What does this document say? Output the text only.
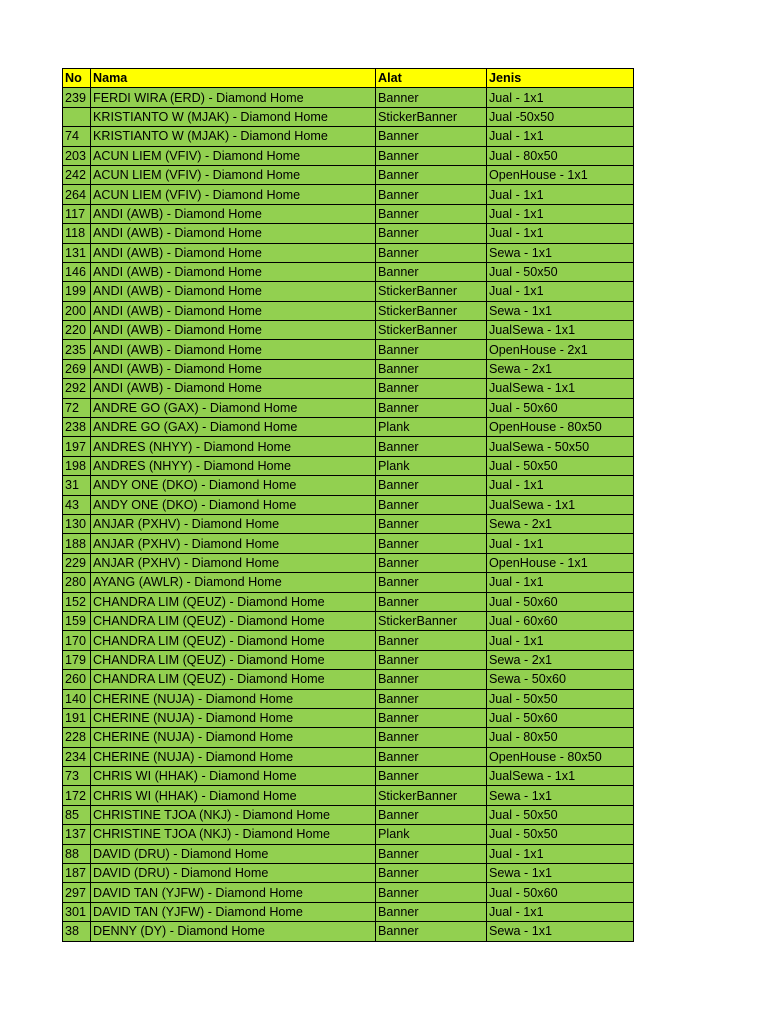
No	Nama	Alat	Jenis
239	FERDI WIRA (ERD) - Diamond Home	Banner	Jual - 1x1
	KRISTIANTO W (MJAK) - Diamond Home	StickerBanner	Jual -50x50
74	KRISTIANTO W (MJAK) - Diamond Home	Banner	Jual - 1x1
203	ACUN LIEM (VFIV) - Diamond Home	Banner	Jual - 80x50
242	ACUN LIEM (VFIV) - Diamond Home	Banner	OpenHouse - 1x1
264	ACUN LIEM (VFIV) - Diamond Home	Banner	Jual - 1x1
117	ANDI (AWB) - Diamond Home	Banner	Jual - 1x1
118	ANDI (AWB) - Diamond Home	Banner	Jual - 1x1
131	ANDI (AWB) - Diamond Home	Banner	Sewa - 1x1
146	ANDI (AWB) - Diamond Home	Banner	Jual - 50x50
199	ANDI (AWB) - Diamond Home	StickerBanner	Jual - 1x1
200	ANDI (AWB) - Diamond Home	StickerBanner	Sewa - 1x1
220	ANDI (AWB) - Diamond Home	StickerBanner	JualSewa - 1x1
235	ANDI (AWB) - Diamond Home	Banner	OpenHouse - 2x1
269	ANDI (AWB) - Diamond Home	Banner	Sewa - 2x1
292	ANDI (AWB) - Diamond Home	Banner	JualSewa - 1x1
72	ANDRE GO (GAX) - Diamond Home	Banner	Jual - 50x60
238	ANDRE GO (GAX) - Diamond Home	Plank	OpenHouse - 80x50
197	ANDRES (NHYY) - Diamond Home	Banner	JualSewa - 50x50
198	ANDRES (NHYY) - Diamond Home	Plank	Jual - 50x50
31	ANDY ONE (DKO) - Diamond Home	Banner	Jual - 1x1
43	ANDY ONE (DKO) - Diamond Home	Banner	JualSewa - 1x1
130	ANJAR (PXHV) - Diamond Home	Banner	Sewa - 2x1
188	ANJAR (PXHV) - Diamond Home	Banner	Jual - 1x1
229	ANJAR (PXHV) - Diamond Home	Banner	OpenHouse - 1x1
280	AYANG (AWLR) - Diamond Home	Banner	Jual - 1x1
152	CHANDRA LIM (QEUZ) - Diamond Home	Banner	Jual - 50x60
159	CHANDRA LIM (QEUZ) - Diamond Home	StickerBanner	Jual - 60x60
170	CHANDRA LIM (QEUZ) - Diamond Home	Banner	Jual - 1x1
179	CHANDRA LIM (QEUZ) - Diamond Home	Banner	Sewa - 2x1
260	CHANDRA LIM (QEUZ) - Diamond Home	Banner	Sewa - 50x60
140	CHERINE (NUJA) - Diamond Home	Banner	Jual - 50x50
191	CHERINE (NUJA) - Diamond Home	Banner	Jual - 50x60
228	CHERINE (NUJA) - Diamond Home	Banner	Jual - 80x50
234	CHERINE (NUJA) - Diamond Home	Banner	OpenHouse - 80x50
73	CHRIS WI (HHAK) - Diamond Home	Banner	JualSewa - 1x1
172	CHRIS WI (HHAK) - Diamond Home	StickerBanner	Sewa - 1x1
85	CHRISTINE TJOA (NKJ) - Diamond Home	Banner	Jual - 50x50
137	CHRISTINE TJOA (NKJ) - Diamond Home	Plank	Jual - 50x50
88	DAVID (DRU) - Diamond Home	Banner	Jual - 1x1
187	DAVID (DRU) - Diamond Home	Banner	Sewa - 1x1
297	DAVID TAN (YJFW) - Diamond Home	Banner	Jual - 50x60
301	DAVID TAN (YJFW) - Diamond Home	Banner	Jual - 1x1
38	DENNY (DY) - Diamond Home	Banner	Sewa - 1x1
